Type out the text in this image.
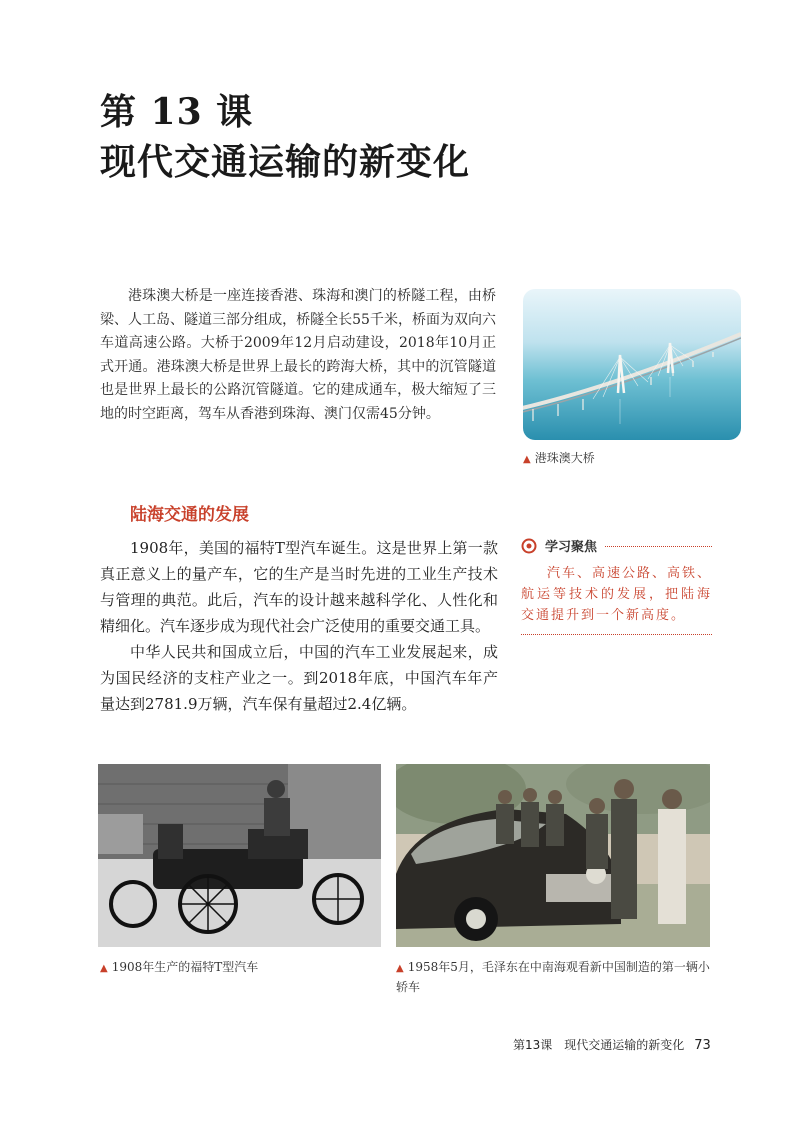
第 13 课
现代交通运输的新变化
港珠澳大桥是一座连接香港、珠海和澳门的桥隧工程，由桥梁、人工岛、隧道三部分组成，桥隧全长55千米，桥面为双向六车道高速公路。大桥于2009年12月启动建设，2018年10月正式开通。港珠澳大桥是世界上最长的跨海大桥，其中的沉管隧道也是世界上最长的公路沉管隧道。它的建成通车，极大缩短了三地的时空距离，驾车从香港到珠海、澳门仅需45分钟。
▲ 港珠澳大桥
陆海交通的发展

1908年，美国的福特T型汽车诞生。这是世界上第一款真正意义上的量产车，它的生产是当时先进的工业生产技术与管理的典范。此后，汽车的设计越来越科学化、人性化和精细化。汽车逐步成为现代社会广泛使用的重要交通工具。

中华人民共和国成立后，中国的汽车工业发展起来，成为国民经济的支柱产业之一。到2018年底，中国汽车年产量达到2781.9万辆，汽车保有量超过2.4亿辆。

学习聚焦
汽车、高速公路、高铁、航运等技术的发展，把陆海交通提升到一个新高度。
▲ 1908年生产的福特T型汽车	▲ 1958年5月，毛泽东在中南海观看新中国制造的第一辆小轿车
第13课　现代交通运输的新变化 73
